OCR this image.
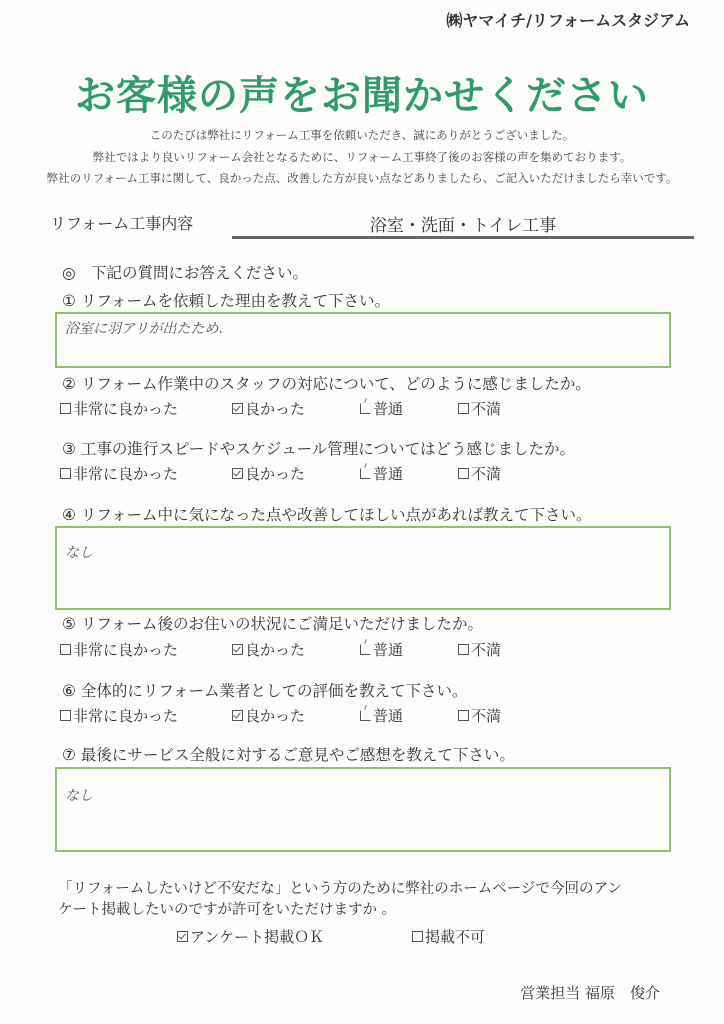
㈱ヤマイチ/リフォームスタジアム
お客様の声をお聞かせください
このたびは弊社にリフォーム工事を依頼いただき、誠にありがとうございました。
弊社ではより良いリフォーム会社となるために、リフォーム工事終了後のお客様の声を集めております。
弊社のリフォーム工事に関して、良かった点、改善した方が良い点などありましたら、ご記入いただけましたら幸いです。
リフォーム工事内容	浴室・洗面・トイレ工事
◎　下記の質問にお答えください。
① リフォームを依頼した理由を教えて下さい。
浴室に羽アリが出たため.
② リフォーム作業中のスタッフの対応について、どのように感じましたか。
非常に良かった	良かった	普通	不満
③ 工事の進行スピードやスケジュール管理についてはどう感じましたか。
非常に良かった	良かった	普通	不満
④ リフォーム中に気になった点や改善してほしい点があれば教えて下さい。
なし
⑤ リフォーム後のお住いの状況にご満足いただけましたか。
非常に良かった	良かった	普通	不満
⑥ 全体的にリフォーム業者としての評価を教えて下さい。
非常に良かった	良かった	普通	不満
⑦ 最後にサービス全般に対するご意見やご感想を教えて下さい。
なし
「リフォームしたいけど不安だな」という方のために弊社のホームページで今回のアン
ケート掲載したいのですが許可をいただけますか 。
アンケート掲載ＯＫ	掲載不可
営業担当 福原　俊介
